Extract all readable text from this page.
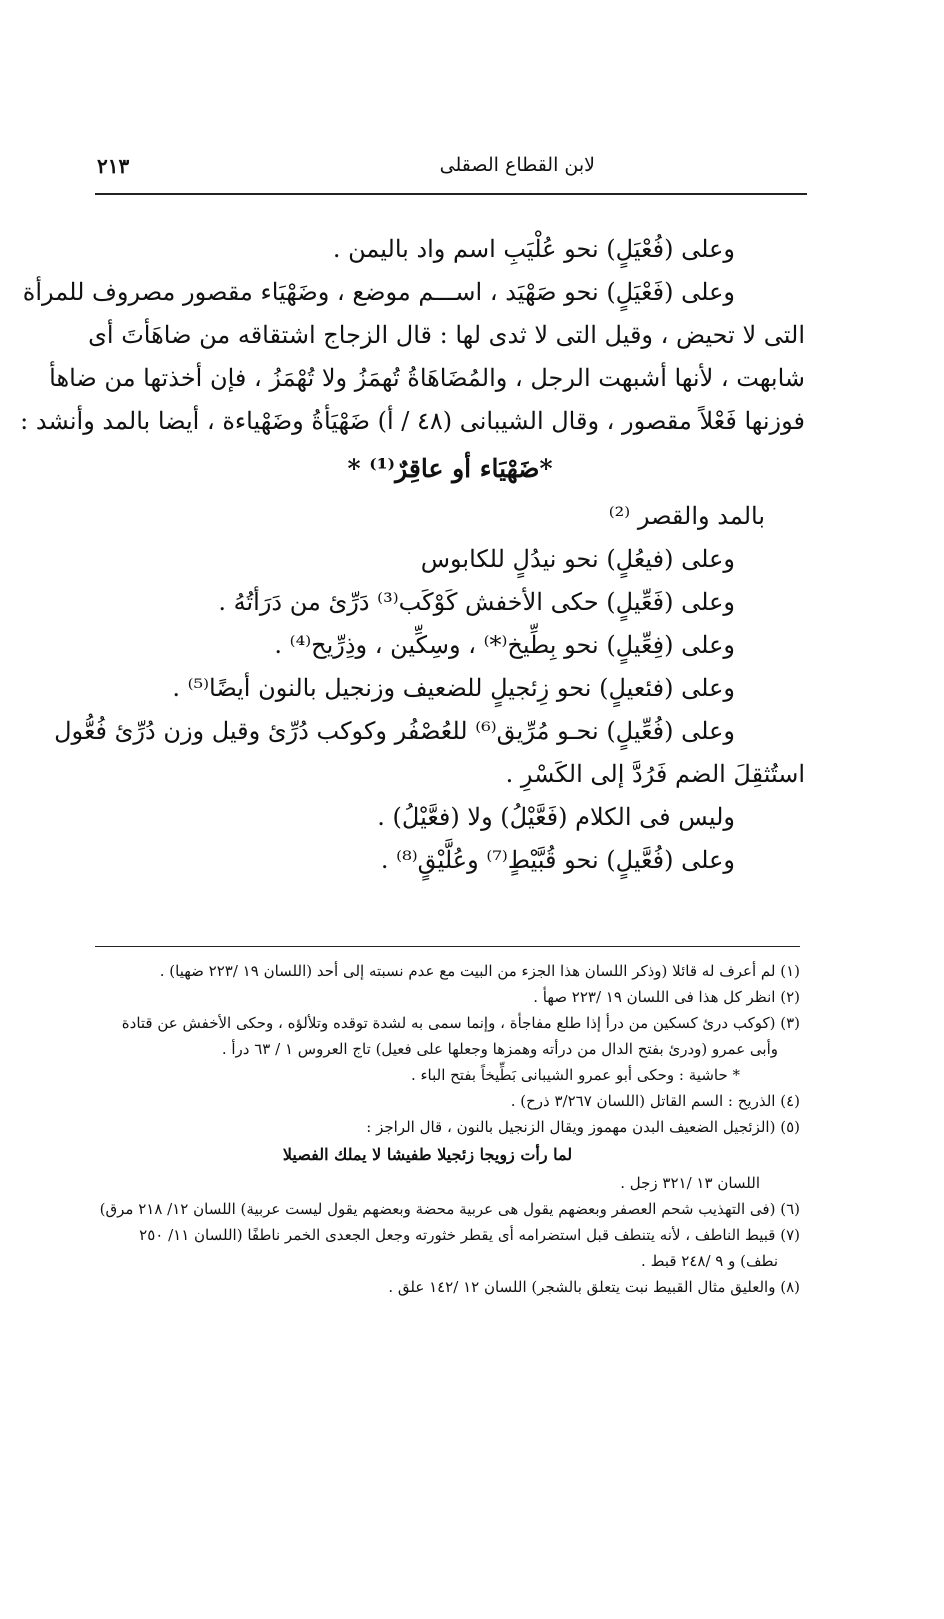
لابن القطاع الصقلى
٢١٣
وعلى (فُعْيَلٍ) نحو عُلْيَبِ اسم واد باليمن .
وعلى (فَعْيَلٍ) نحو صَهْيَد ، اســـم موضع ، وضَهْيَاء مقصور مصروف للمرأة
التى لا تحيض ، وقيل التى لا ثدى لها : قال الزجاج اشتقاقه من ضاهَأتَ أى
شابهت ، لأنها أشبهت الرجل ، والمُضَاهَاةُ تُهمَزُ ولا تُهْمَزُ ، فإن أخذتها من ضاهأ
فوزنها فَعْلاً مقصور ، وقال الشيبانى (٤٨ / أ) ضَهْيَأةُ وضَهْياءة ، أيضا بالمد وأنشد :
*ضَهْيَاء أو عاقِرٌ⁽¹⁾ *
بالمد والقصر ⁽²⁾
وعلى (فيعُلٍ) نحو نيدُلٍ للكابوس
وعلى (فَعِّيلٍ) حكى الأخفش كَوْكَب⁽³⁾ دَرِّئ من دَرَأتُهُ .
وعلى (فِعِّيلٍ) نحو بِطِّيخ⁽*⁾ ، وسِكِّين ، وذِرِّيح⁽⁴⁾ .
وعلى (فئعيلٍ) نحو زِئجيلٍ للضعيف وزنجيل بالنون أيضًا⁽⁵⁾ .
وعلى (فُعِّيلٍ) نحـو مُرِّيق⁽⁶⁾ للعُصْفُر وكوكب دُرِّئ وقيل وزن دُرِّئ فُعُّول
استُثقِلَ الضم فَرُدَّ إلى الكَسْرِ .
وليس فى الكلام (فَعَّيْلُ) ولا (فعَّيْلُ) .
وعلى (فُعَّيلٍ) نحو قُبَّيْطٍ⁽⁷⁾ وعُلَّيْقٍ⁽⁸⁾ .
(١) لم أعرف له قائلا (وذكر اللسان هذا الجزء من البيت مع عدم نسبته إلى أحد (اللسان ١٩ /٢٢٣ ضهيا) .
(٢) انظر كل هذا فى اللسان ١٩ /٢٢٣ صهأ .
(٣) (كوكب درئ كسكين من درأ إذا طلع مفاجأة ، وإنما سمى به لشدة توقده وتلألؤه ، وحكى الأخفش عن قتادة
وأبى عمرو (ودرئ بفتح الدال من درأته وهمزها وجعلها على فعيل) تاج العروس ١ / ٦٣ درأ .
* حاشية : وحكى أبو عمرو الشيبانى بَطِّيخاً بفتح الباء .
(٤) الذريح : السم القاتل (اللسان ٣/٢٦٧ ذرح) .
(٥) (الزئجيل الضعيف البدن مهموز ويقال الزنجيل بالنون ، قال الراجز :
لما رأت زويجا زئجيلا طفيشا لا يملك الفصيلا
اللسان ١٣ /٣٢١ زجل .
(٦) (فى التهذيب شحم العصفر وبعضهم يقول هى عربية محضة وبعضهم يقول ليست عربية) اللسان ١٢/ ٢١٨ مرق)
(٧) قبيط الناطف ، لأنه يتنطف قبل استضرامه أى يقطر خثورته وجعل الجعدى الخمر ناطفًا (اللسان ١١/ ٢٥٠
نطف) و ٩ /٢٤٨ قبط .
(٨) والعليق مثال القبيط نبت يتعلق بالشجر) اللسان ١٢ /١٤٢ علق .
